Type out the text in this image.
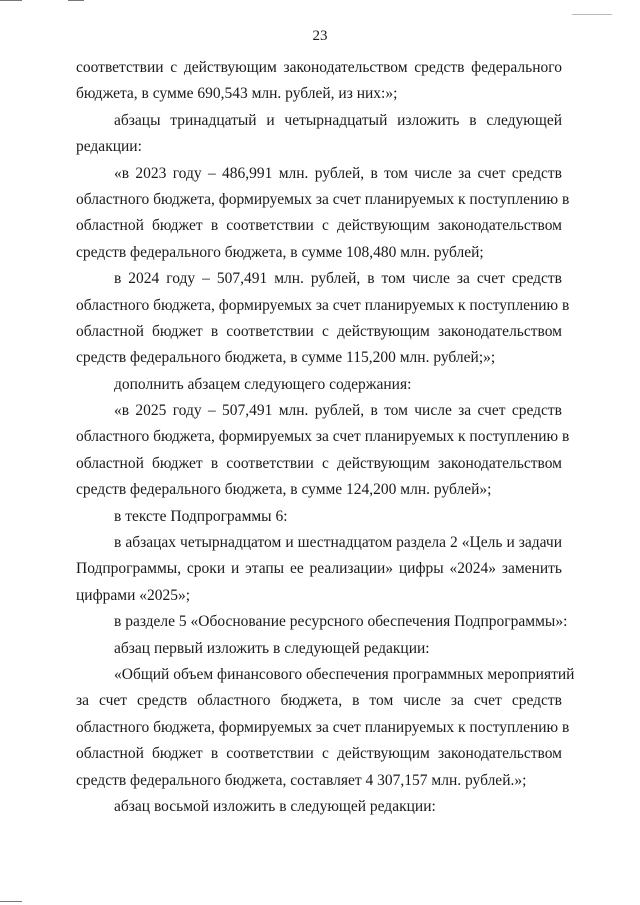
23
соответствии с действующим законодательством средств федерального
бюджета, в сумме 690,543 млн. рублей, из них:»;
абзацы тринадцатый и четырнадцатый изложить в следующей
редакции:
«в 2023 году – 486,991 млн. рублей, в том числе за счет средств
областного бюджета, формируемых за счет планируемых к поступлению в
областной бюджет в соответствии с действующим законодательством
средств федерального бюджета, в сумме 108,480 млн. рублей;
в 2024 году – 507,491 млн. рублей, в том числе за счет средств
областного бюджета, формируемых за счет планируемых к поступлению в
областной бюджет в соответствии с действующим законодательством
средств федерального бюджета, в сумме 115,200 млн. рублей;»;
дополнить абзацем следующего содержания:
«в 2025 году – 507,491 млн. рублей, в том числе за счет средств
областного бюджета, формируемых за счет планируемых к поступлению в
областной бюджет в соответствии с действующим законодательством
средств федерального бюджета, в сумме 124,200 млн. рублей»;
в тексте Подпрограммы 6:
в абзацах четырнадцатом и шестнадцатом раздела 2 «Цель и задачи
Подпрограммы, сроки и этапы ее реализации» цифры «2024» заменить
цифрами «2025»;
в разделе 5 «Обоснование ресурсного обеспечения Подпрограммы»:
абзац первый изложить в следующей редакции:
«Общий объем финансового обеспечения программных мероприятий
за счет средств областного бюджета, в том числе за счет средств
областного бюджета, формируемых за счет планируемых к поступлению в
областной бюджет в соответствии с действующим законодательством
средств федерального бюджета, составляет 4 307,157 млн. рублей.»;
абзац восьмой изложить в следующей редакции:
